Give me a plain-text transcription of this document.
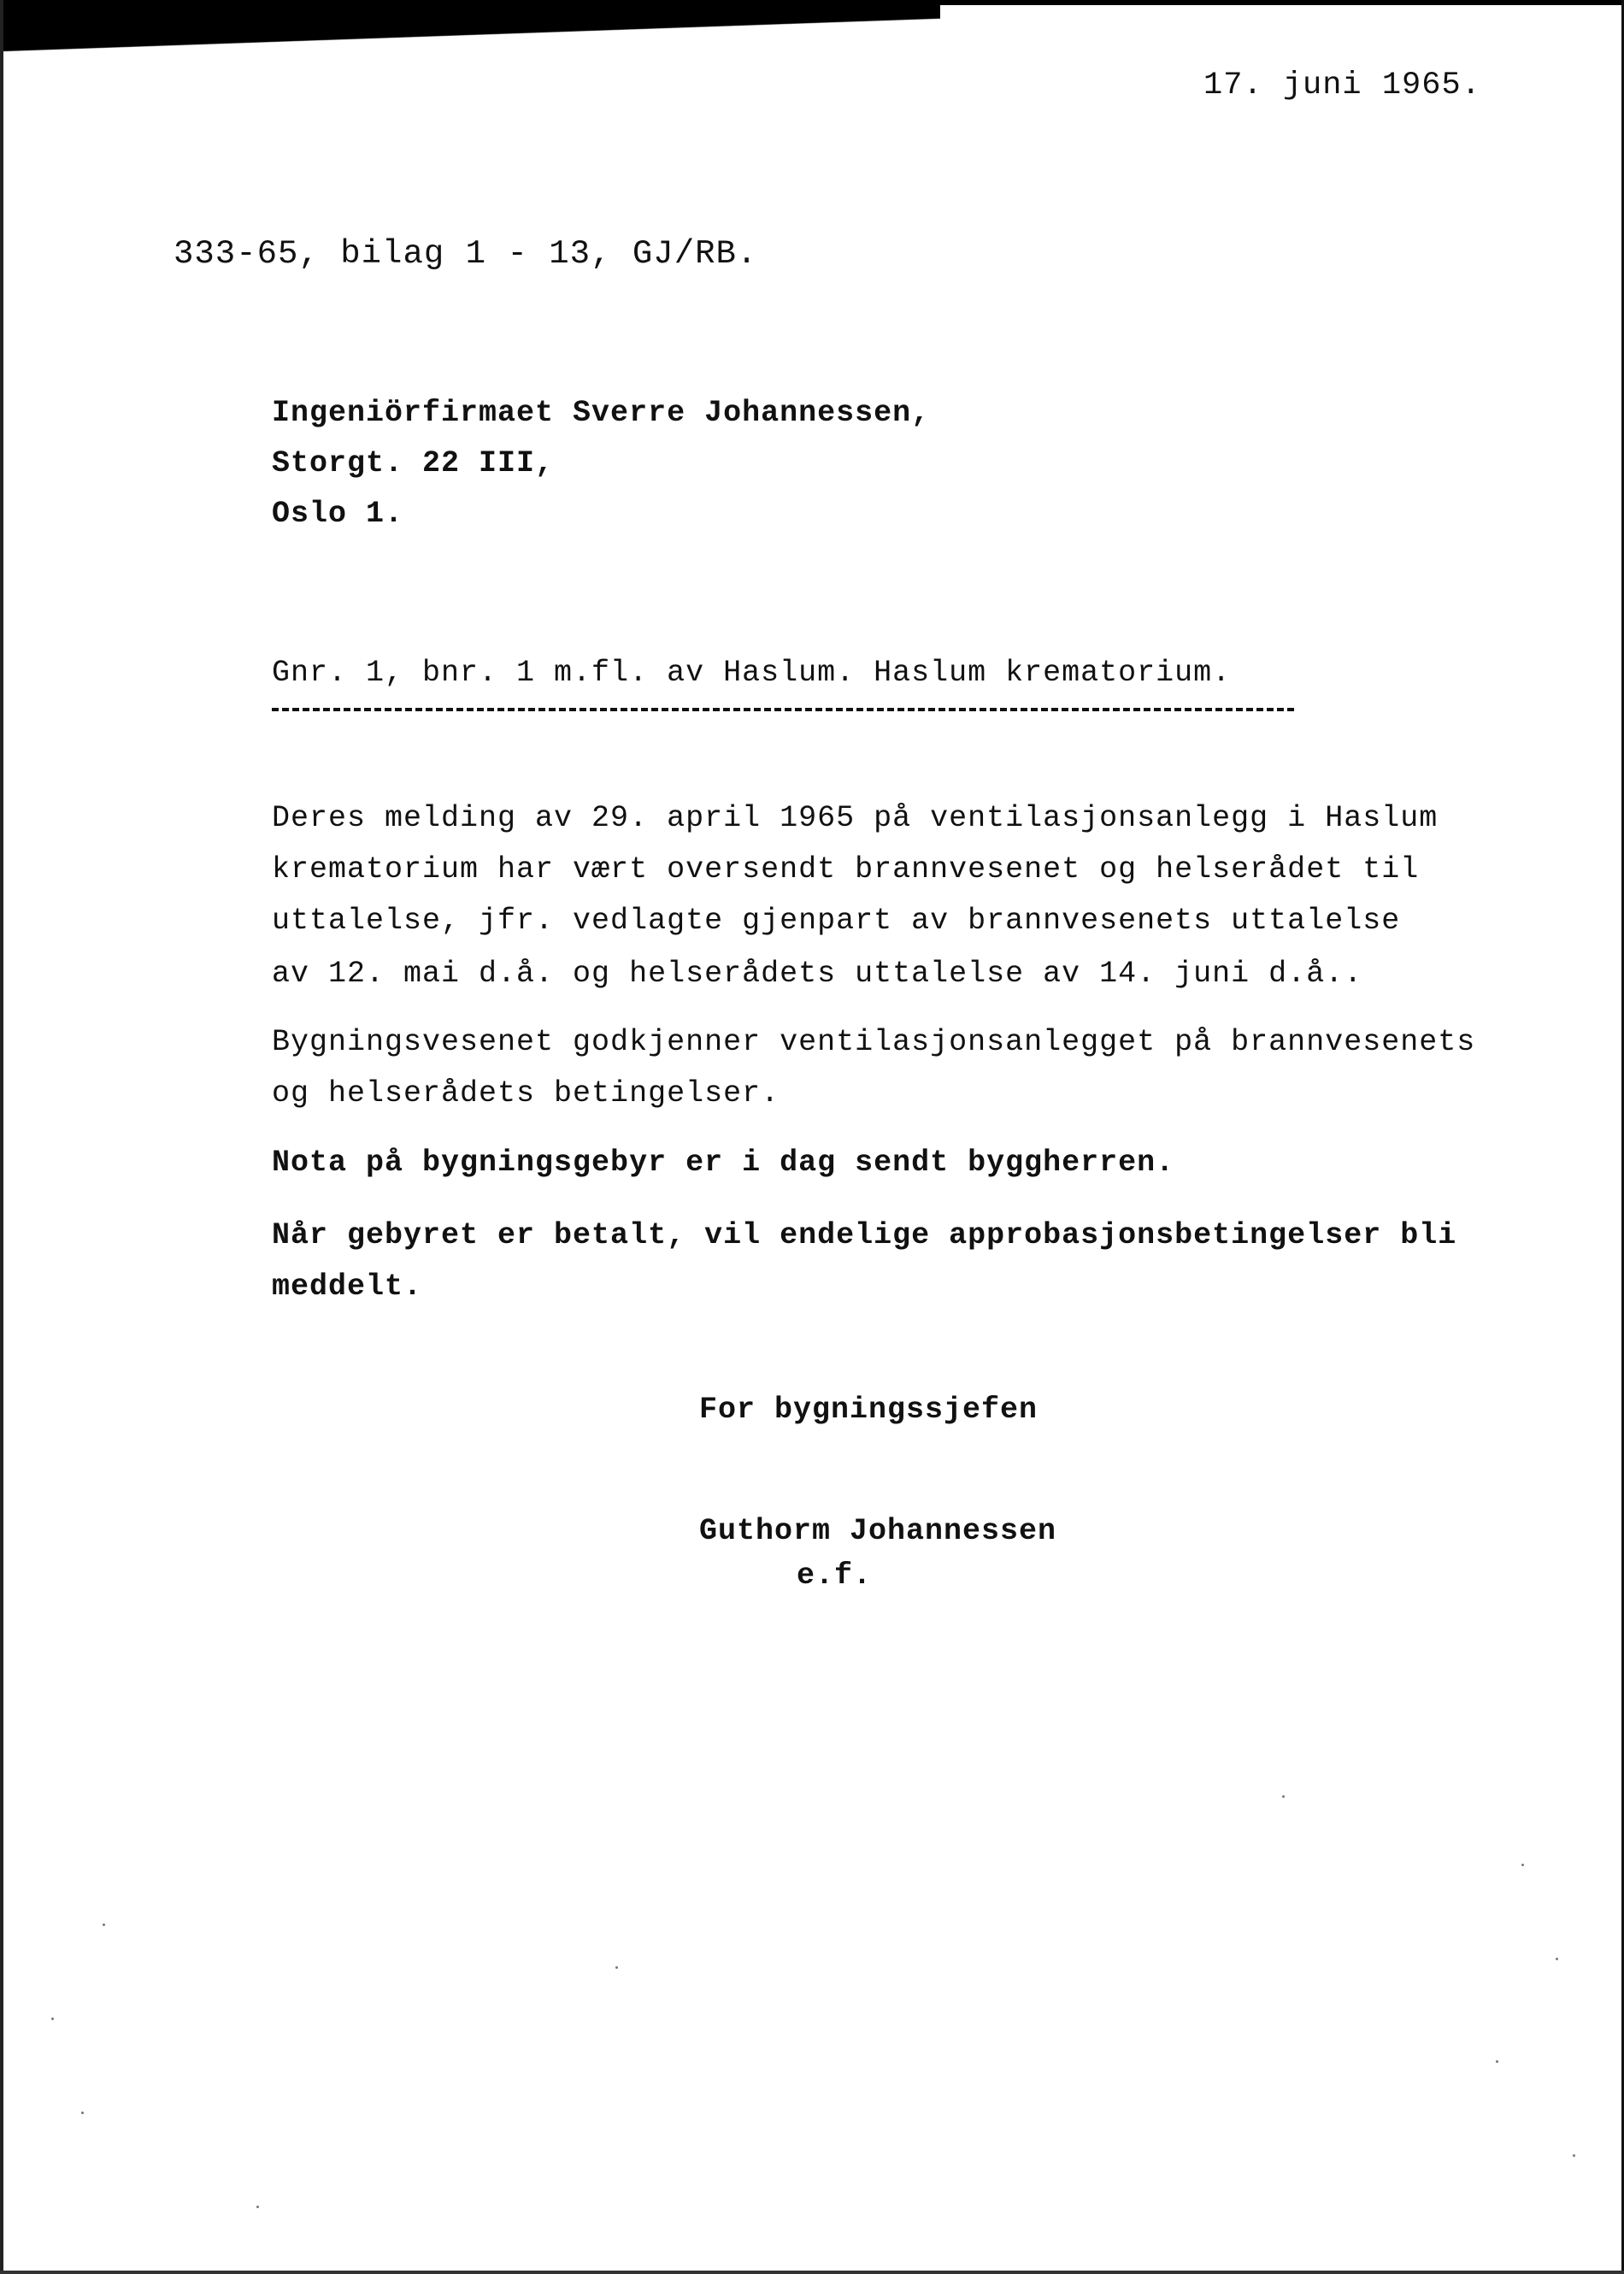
17. juni 1965.
333-65, bilag 1 - 13, GJ/RB.
Ingeniörfirmaet Sverre Johannessen,
Storgt. 22 III,
Oslo 1.
Gnr. 1, bnr. 1 m.fl. av Haslum. Haslum krematorium.
Deres melding av 29. april 1965 på ventilasjonsanlegg i Haslum
krematorium har vært oversendt brannvesenet og helserådet til
uttalelse, jfr. vedlagte gjenpart av brannvesenets uttalelse
av 12. mai d.å. og helserådets uttalelse av 14. juni d.å..
Bygningsvesenet godkjenner ventilasjonsanlegget på brannvesenets
og helserådets betingelser.
Nota på bygningsgebyr er i dag sendt byggherren.
Når gebyret er betalt, vil endelige approbasjonsbetingelser bli
meddelt.
For bygningssjefen
Guthorm Johannessen
e.f.
